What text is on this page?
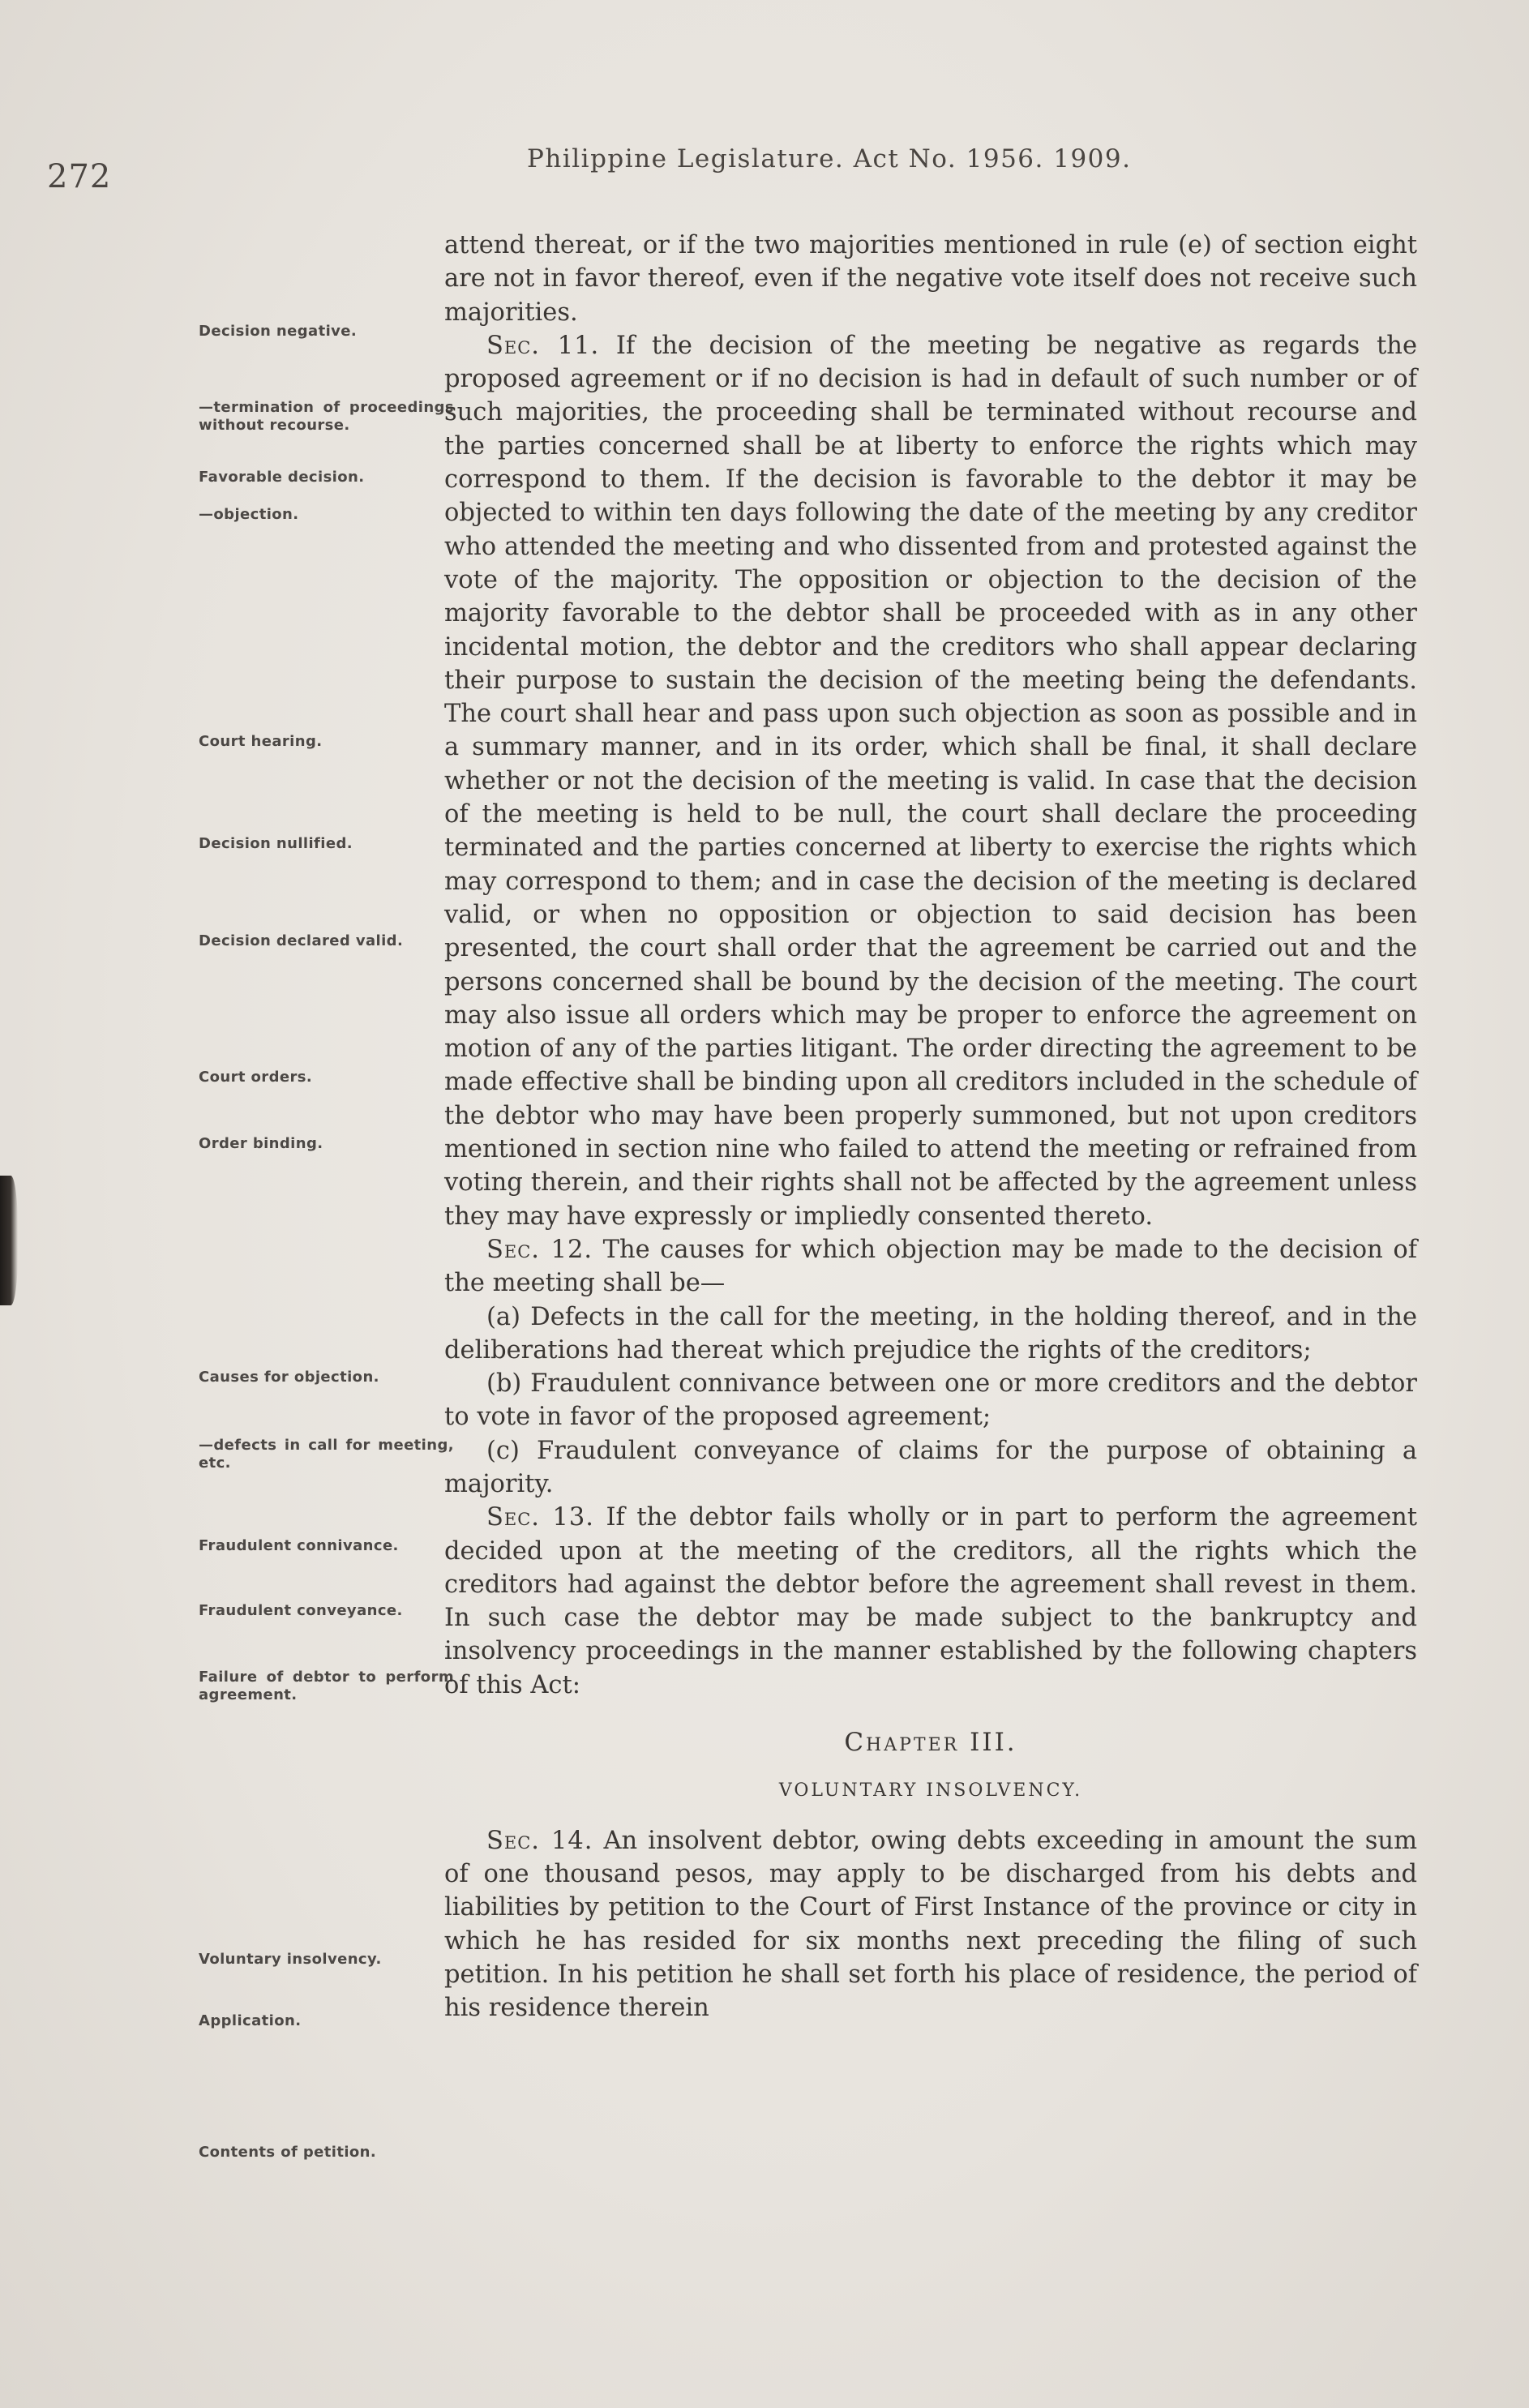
272	Philippine Legislature. Act No. 1956. 1909.
Decision negative.
—termination of proceedings without recourse.
Favorable decision.
—objection.
Court hearing.
Decision nullified.
Decision declared valid.
Court orders.
Order binding.
Causes for objection.
—defects in call for meeting, etc.
Fraudulent connivance.
Fraudulent conveyance.
Failure of debtor to perform agreement.
Voluntary insolvency.
Application.
Contents of petition.

attend thereat, or if the two majorities mentioned in rule (e) of section eight are not in favor thereof, even if the negative vote itself does not receive such majorities.

Sec. 11. If the decision of the meeting be negative as regards the proposed agreement or if no decision is had in default of such number or of such majorities, the proceeding shall be terminated without recourse and the parties concerned shall be at liberty to enforce the rights which may correspond to them. If the decision is favorable to the debtor it may be objected to within ten days following the date of the meeting by any creditor who attended the meeting and who dissented from and protested against the vote of the majority. The opposition or objection to the decision of the majority favorable to the debtor shall be proceeded with as in any other incidental motion, the debtor and the creditors who shall appear declaring their purpose to sustain the decision of the meeting being the defendants. The court shall hear and pass upon such objection as soon as possible and in a summary manner, and in its order, which shall be final, it shall declare whether or not the decision of the meeting is valid. In case that the decision of the meeting is held to be null, the court shall declare the proceeding terminated and the parties concerned at liberty to exercise the rights which may correspond to them; and in case the decision of the meeting is declared valid, or when no opposition or objection to said decision has been presented, the court shall order that the agreement be carried out and the persons concerned shall be bound by the decision of the meeting. The court may also issue all orders which may be proper to enforce the agreement on motion of any of the parties litigant. The order directing the agreement to be made effective shall be binding upon all creditors included in the schedule of the debtor who may have been properly summoned, but not upon creditors mentioned in section nine who failed to attend the meeting or refrained from voting therein, and their rights shall not be affected by the agreement unless they may have expressly or impliedly consented thereto.

Sec. 12. The causes for which objection may be made to the decision of the meeting shall be—

(a) Defects in the call for the meeting, in the holding thereof, and in the deliberations had thereat which prejudice the rights of the creditors;

(b) Fraudulent connivance between one or more creditors and the debtor to vote in favor of the proposed agreement;

(c) Fraudulent conveyance of claims for the purpose of obtaining a majority.

Sec. 13. If the debtor fails wholly or in part to perform the agreement decided upon at the meeting of the creditors, all the rights which the creditors had against the debtor before the agreement shall revest in them. In such case the debtor may be made subject to the bankruptcy and insolvency proceedings in the manner established by the following chapters of this Act:

Chapter III.

VOLUNTARY INSOLVENCY.

Sec. 14. An insolvent debtor, owing debts exceeding in amount the sum of one thousand pesos, may apply to be discharged from his debts and liabilities by petition to the Court of First Instance of the province or city in which he has resided for six months next preceding the filing of such petition. In his petition he shall set forth his place of residence, the period of his residence therein
